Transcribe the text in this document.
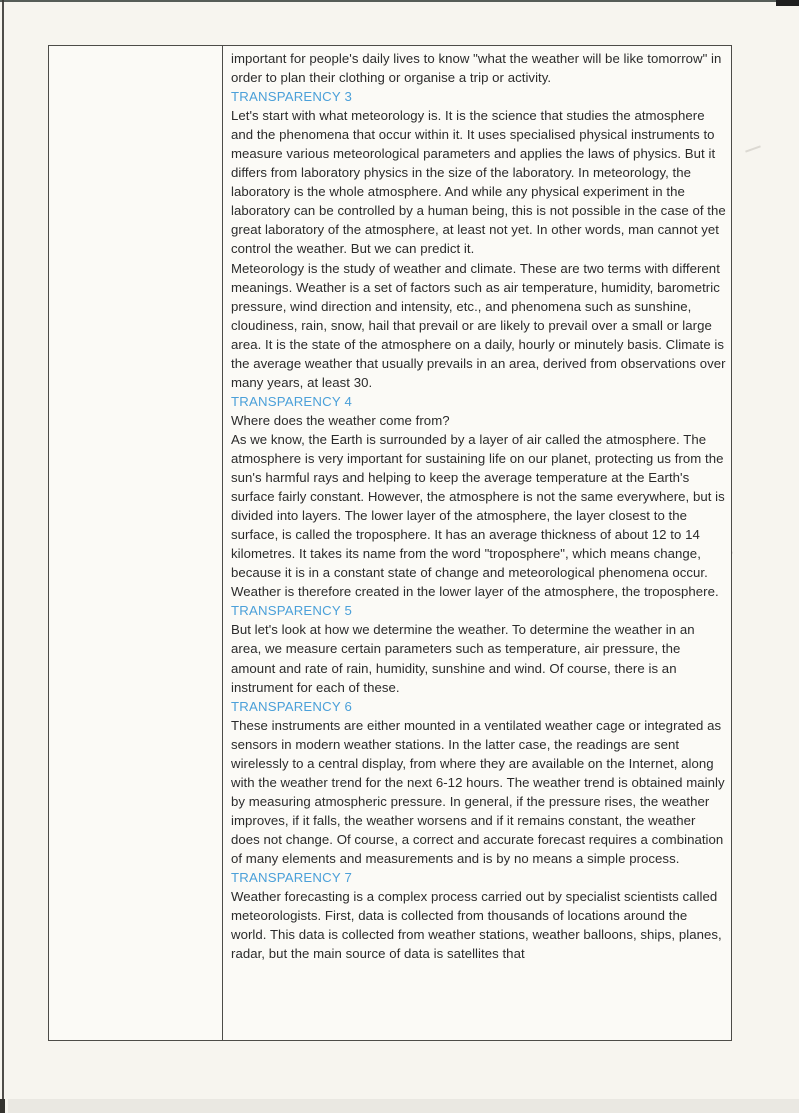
important for people's daily lives to know "what the weather will be like tomorrow" in order to plan their clothing or organise a trip or activity.

TRANSPARENCY 3

Let's start with what meteorology is. It is the science that studies the atmosphere and the phenomena that occur within it. It uses specialised physical instruments to measure various meteorological parameters and applies the laws of physics. But it differs from laboratory physics in the size of the laboratory. In meteorology, the laboratory is the whole atmosphere. And while any physical experiment in the laboratory can be controlled by a human being, this is not possible in the case of the great laboratory of the atmosphere, at least not yet. In other words, man cannot yet control the weather. But we can predict it.

Meteorology is the study of weather and climate. These are two terms with different meanings. Weather is a set of factors such as air temperature, humidity, barometric pressure, wind direction and intensity, etc., and phenomena such as sunshine, cloudiness, rain, snow, hail that prevail or are likely to prevail over a small or large area. It is the state of the atmosphere on a daily, hourly or minutely basis. Climate is the average weather that usually prevails in an area, derived from observations over many years, at least 30.

TRANSPARENCY 4

Where does the weather come from?

As we know, the Earth is surrounded by a layer of air called the atmosphere. The atmosphere is very important for sustaining life on our planet, protecting us from the sun's harmful rays and helping to keep the average temperature at the Earth's surface fairly constant. However, the atmosphere is not the same everywhere, but is divided into layers. The lower layer of the atmosphere, the layer closest to the surface, is called the troposphere. It has an average thickness of about 12 to 14 kilometres. It takes its name from the word "troposphere", which means change, because it is in a constant state of change and meteorological phenomena occur. Weather is therefore created in the lower layer of the atmosphere, the troposphere.

TRANSPARENCY 5

But let's look at how we determine the weather. To determine the weather in an area, we measure certain parameters such as temperature, air pressure, the amount and rate of rain, humidity, sunshine and wind. Of course, there is an instrument for each of these.

TRANSPARENCY 6

These instruments are either mounted in a ventilated weather cage or integrated as sensors in modern weather stations. In the latter case, the readings are sent wirelessly to a central display, from where they are available on the Internet, along with the weather trend for the next 6-12 hours. The weather trend is obtained mainly by measuring atmospheric pressure. In general, if the pressure rises, the weather improves, if it falls, the weather worsens and if it remains constant, the weather does not change. Of course, a correct and accurate forecast requires a combination of many elements and measurements and is by no means a simple process.

TRANSPARENCY 7

Weather forecasting is a complex process carried out by specialist scientists called meteorologists. First, data is collected from thousands of locations around the world. This data is collected from weather stations, weather balloons, ships, planes, radar, but the main source of data is satellites that
